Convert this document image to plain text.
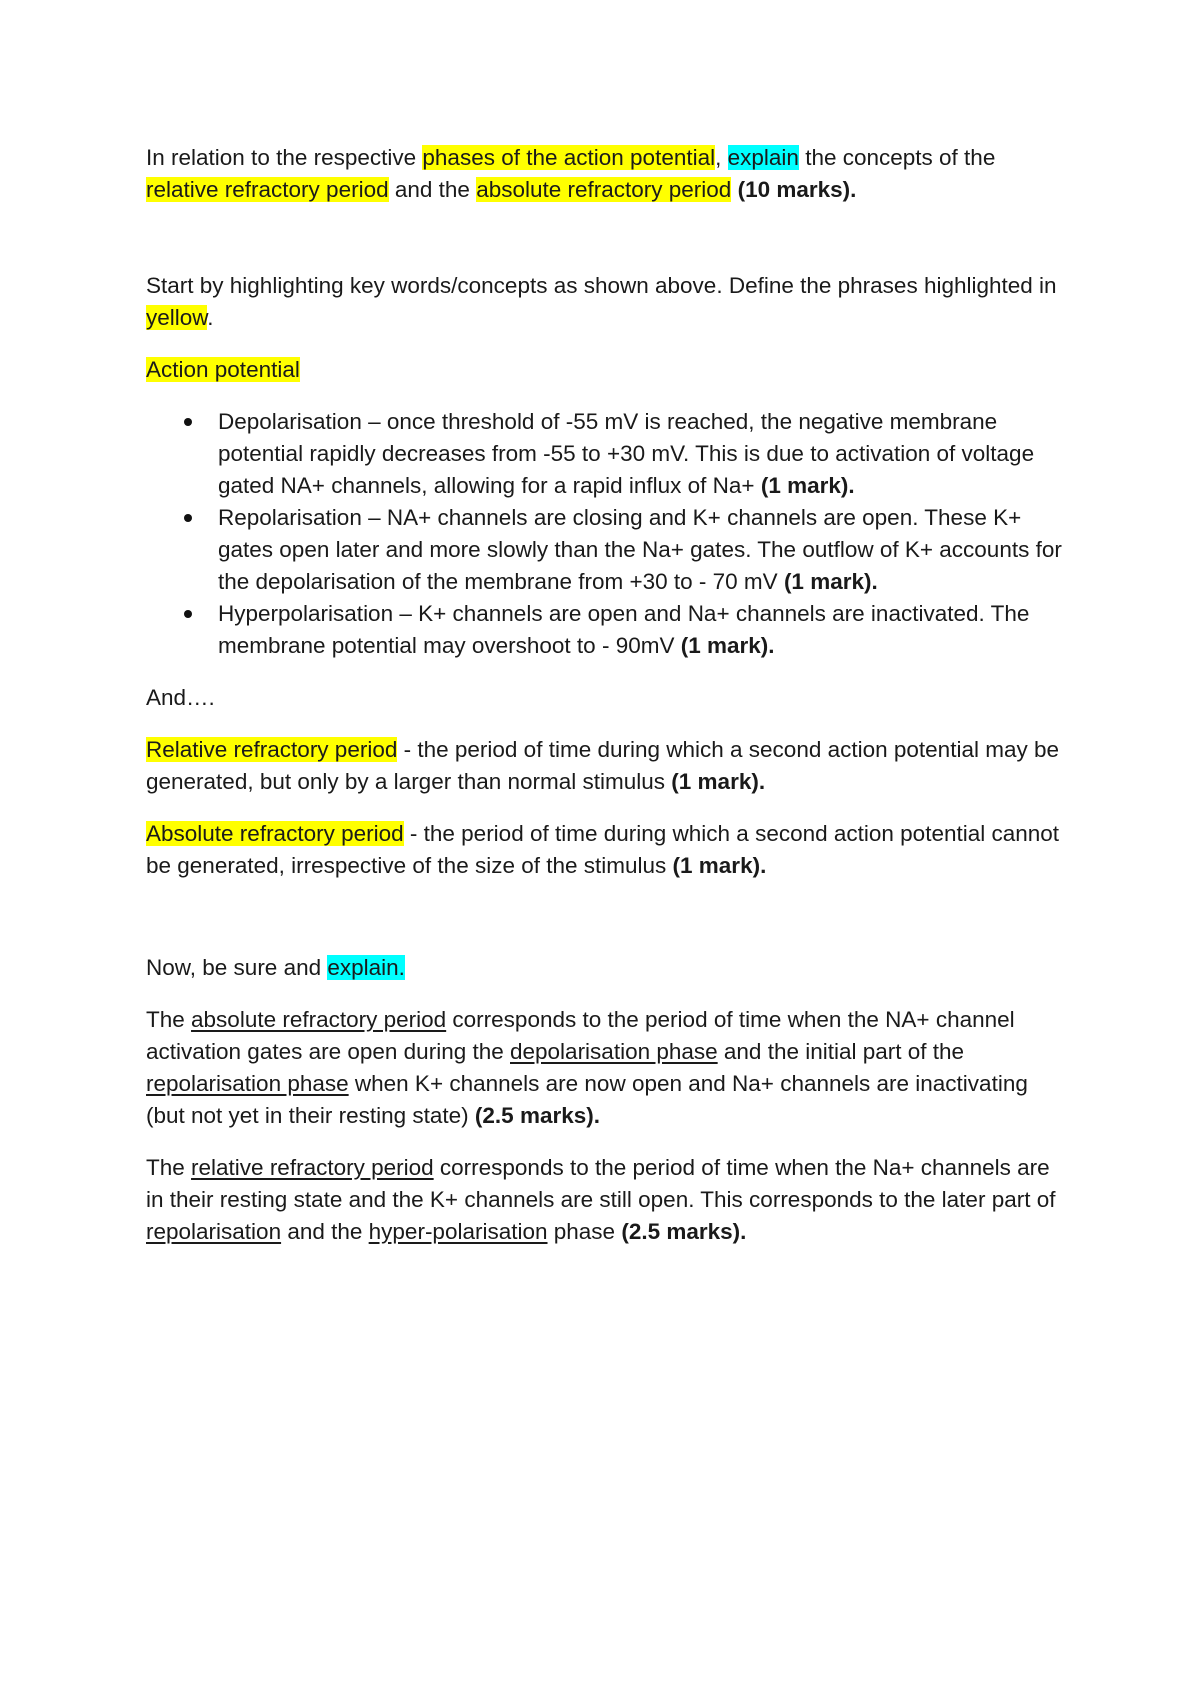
In relation to the respective phases of the action potential, explain the concepts of the relative refractory period and the absolute refractory period (10 marks).

Start by highlighting key words/concepts as shown above. Define the phrases highlighted in yellow.

Action potential

Depolarisation – once threshold of -55 mV is reached, the negative membrane potential rapidly decreases from -55 to +30 mV. This is due to activation of voltage gated NA+ channels, allowing for a rapid influx of Na+ (1 mark).
Repolarisation – NA+ channels are closing and K+ channels are open. These K+ gates open later and more slowly than the Na+ gates. The outflow of K+ accounts for the depolarisation of the membrane from +30 to - 70 mV (1 mark).
Hyperpolarisation – K+ channels are open and Na+ channels are inactivated. The membrane potential may overshoot to - 90mV (1 mark).

And….

Relative refractory period - the period of time during which a second action potential may be generated, but only by a larger than normal stimulus (1 mark).

Absolute refractory period - the period of time during which a second action potential cannot be generated, irrespective of the size of the stimulus (1 mark).

Now, be sure and explain.

The absolute refractory period corresponds to the period of time when the NA+ channel activation gates are open during the depolarisation phase and the initial part of the repolarisation phase when K+ channels are now open and Na+ channels are inactivating (but not yet in their resting state) (2.5 marks).

The relative refractory period corresponds to the period of time when the Na+ channels are in their resting state and the K+ channels are still open. This corresponds to the later part of repolarisation and the hyper-polarisation phase (2.5 marks).
